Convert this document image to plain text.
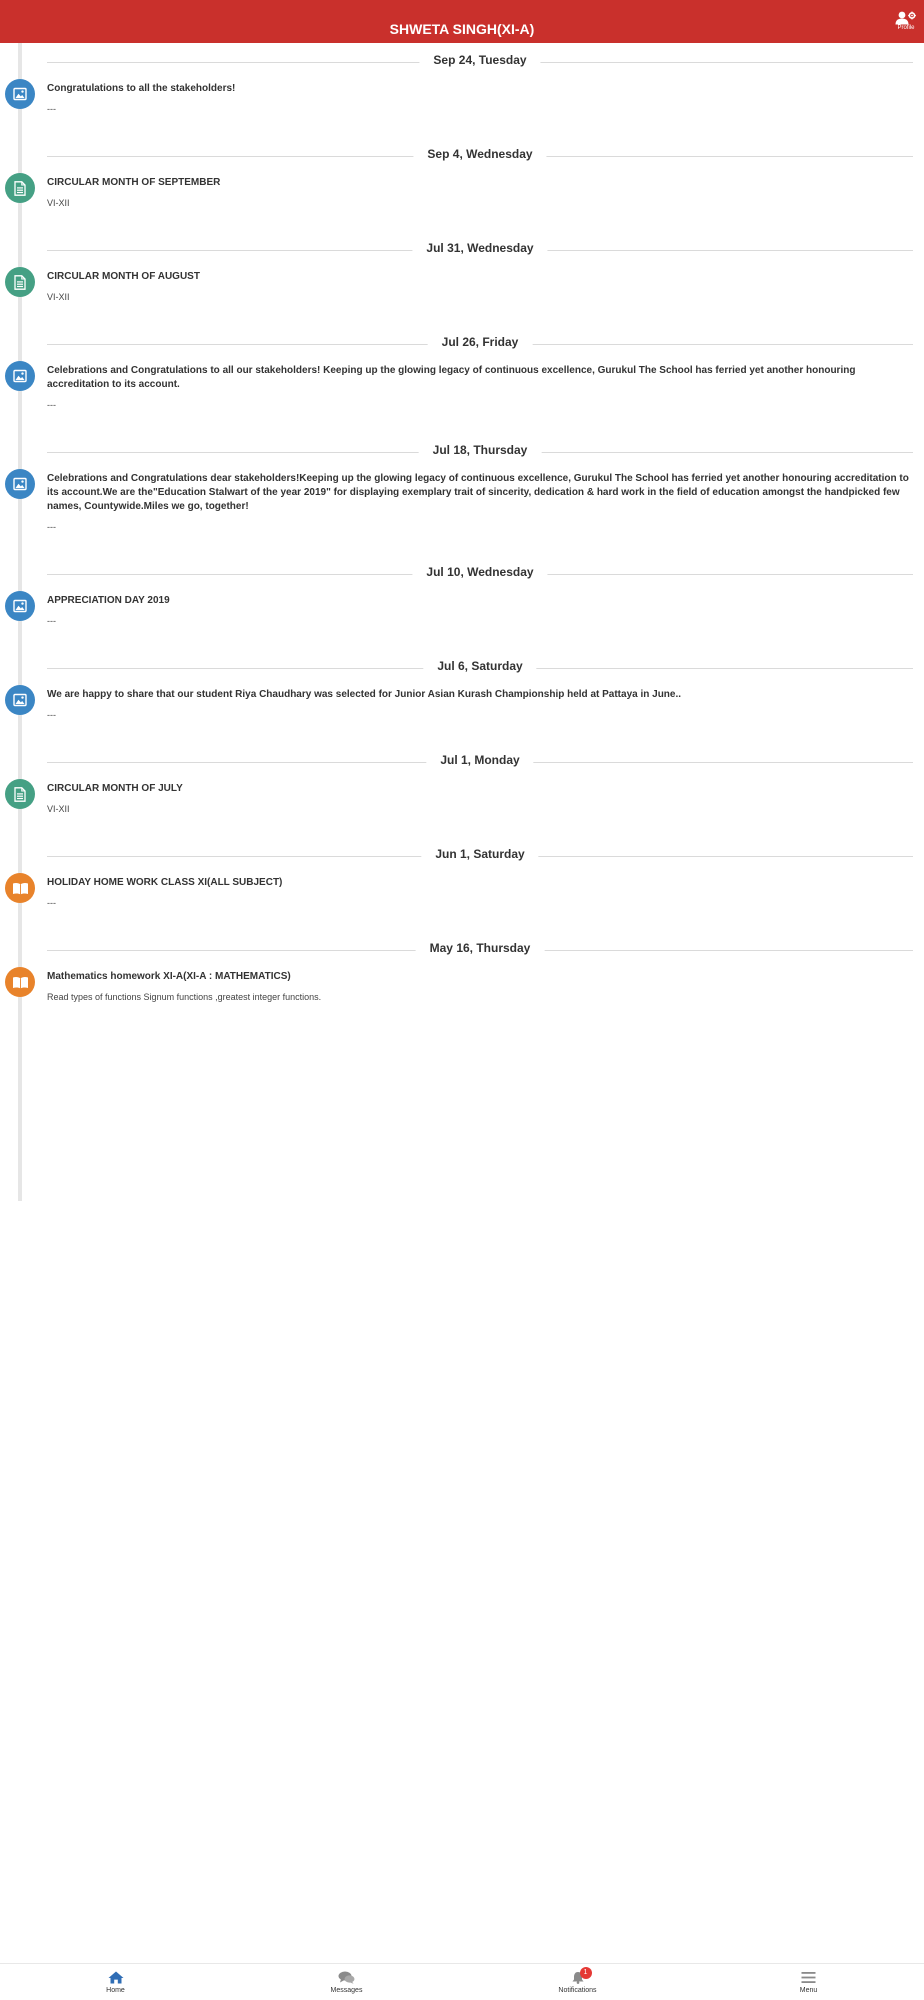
SHWETA SINGH(XI-A)	Profile
Sep 24, Tuesday
Congratulations to all the stakeholders!
---
Sep 4, Wednesday
CIRCULAR MONTH OF SEPTEMBER
VI-XII
Jul 31, Wednesday
CIRCULAR MONTH OF AUGUST
VI-XII
Jul 26, Friday
Celebrations and Congratulations to all our stakeholders! Keeping up the glowing legacy of continuous excellence, Gurukul The School has ferried yet another honouring accreditation to its account.
---
Jul 18, Thursday
Celebrations and Congratulations dear stakeholders!Keeping up the glowing legacy of continuous excellence, Gurukul The School has ferried yet another honouring accreditation to its account.We are the"Education Stalwart of the year 2019" for displaying exemplary trait of sincerity, dedication & hard work in the field of education amongst the handpicked few names, Countywide.Miles we go, together!
---
Jul 10, Wednesday
APPRECIATION DAY 2019
---
Jul 6, Saturday
We are happy to share that our student Riya Chaudhary was selected for Junior Asian Kurash Championship held at Pattaya in June..
---
Jul 1, Monday
CIRCULAR MONTH OF JULY
VI-XII
Jun 1, Saturday
HOLIDAY HOME WORK CLASS XI(ALL SUBJECT)
---
May 16, Thursday
Mathematics homework XI-A(XI-A : MATHEMATICS)
Read types of functions Signum functions ,greatest integer functions.
Home	Messages
1
Notifications	Menu
